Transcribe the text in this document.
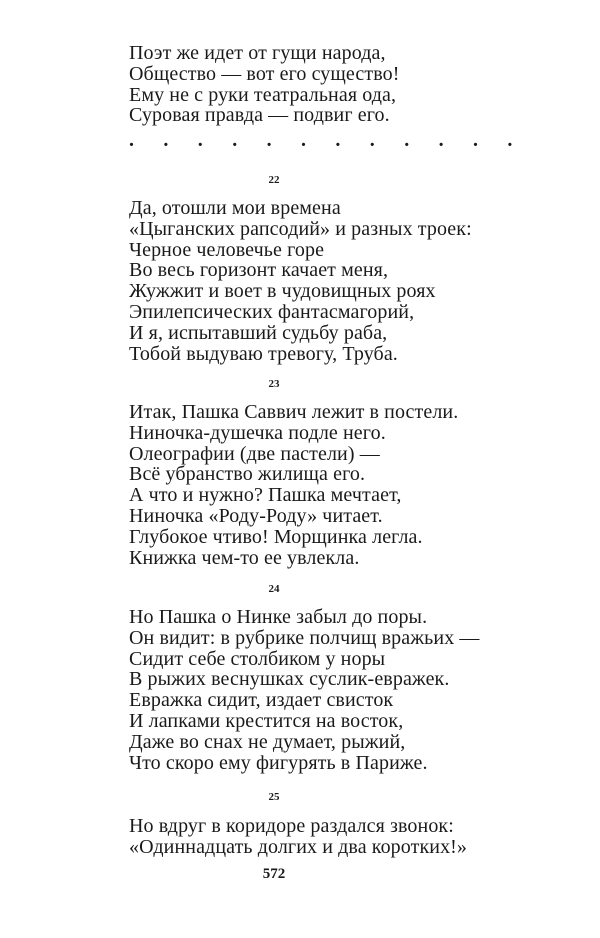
Поэт же идет от гущи народа,
Общество — вот его существо!
Ему не с руки театральная ода,
Суровая правда — подвиг его.
. . . . . . . . . . . .
22
Да, отошли мои времена
«Цыганских рапсодий» и разных троек:
Черное человечье горе
Во весь горизонт качает меня,
Жужжит и воет в чудовищных роях
Эпилепсических фантасмагорий,
И я, испытавший судьбу раба,
Тобой выдуваю тревогу, Труба.
23
Итак, Пашка Саввич лежит в постели.
Ниночка-душечка подле него.
Олеографии (две пастели) —
Всё убранство жилища его.
А что и нужно? Пашка мечтает,
Ниночка «Роду-Роду» читает.
Глубокое чтиво! Морщинка легла.
Книжка чем-то ее увлекла.
24
Но Пашка о Нинке забыл до поры.
Он видит: в рубрике полчищ вражьих —
Сидит себе столбиком у норы
В рыжих веснушках суслик-евражек.
Евражка сидит, издает свисток
И лапками крестится на восток,
Даже во снах не думает, рыжий,
Что скоро ему фигурять в Париже.
25
Но вдруг в коридоре раздался звонок:
«Одиннадцать долгих и два коротких!»
572
